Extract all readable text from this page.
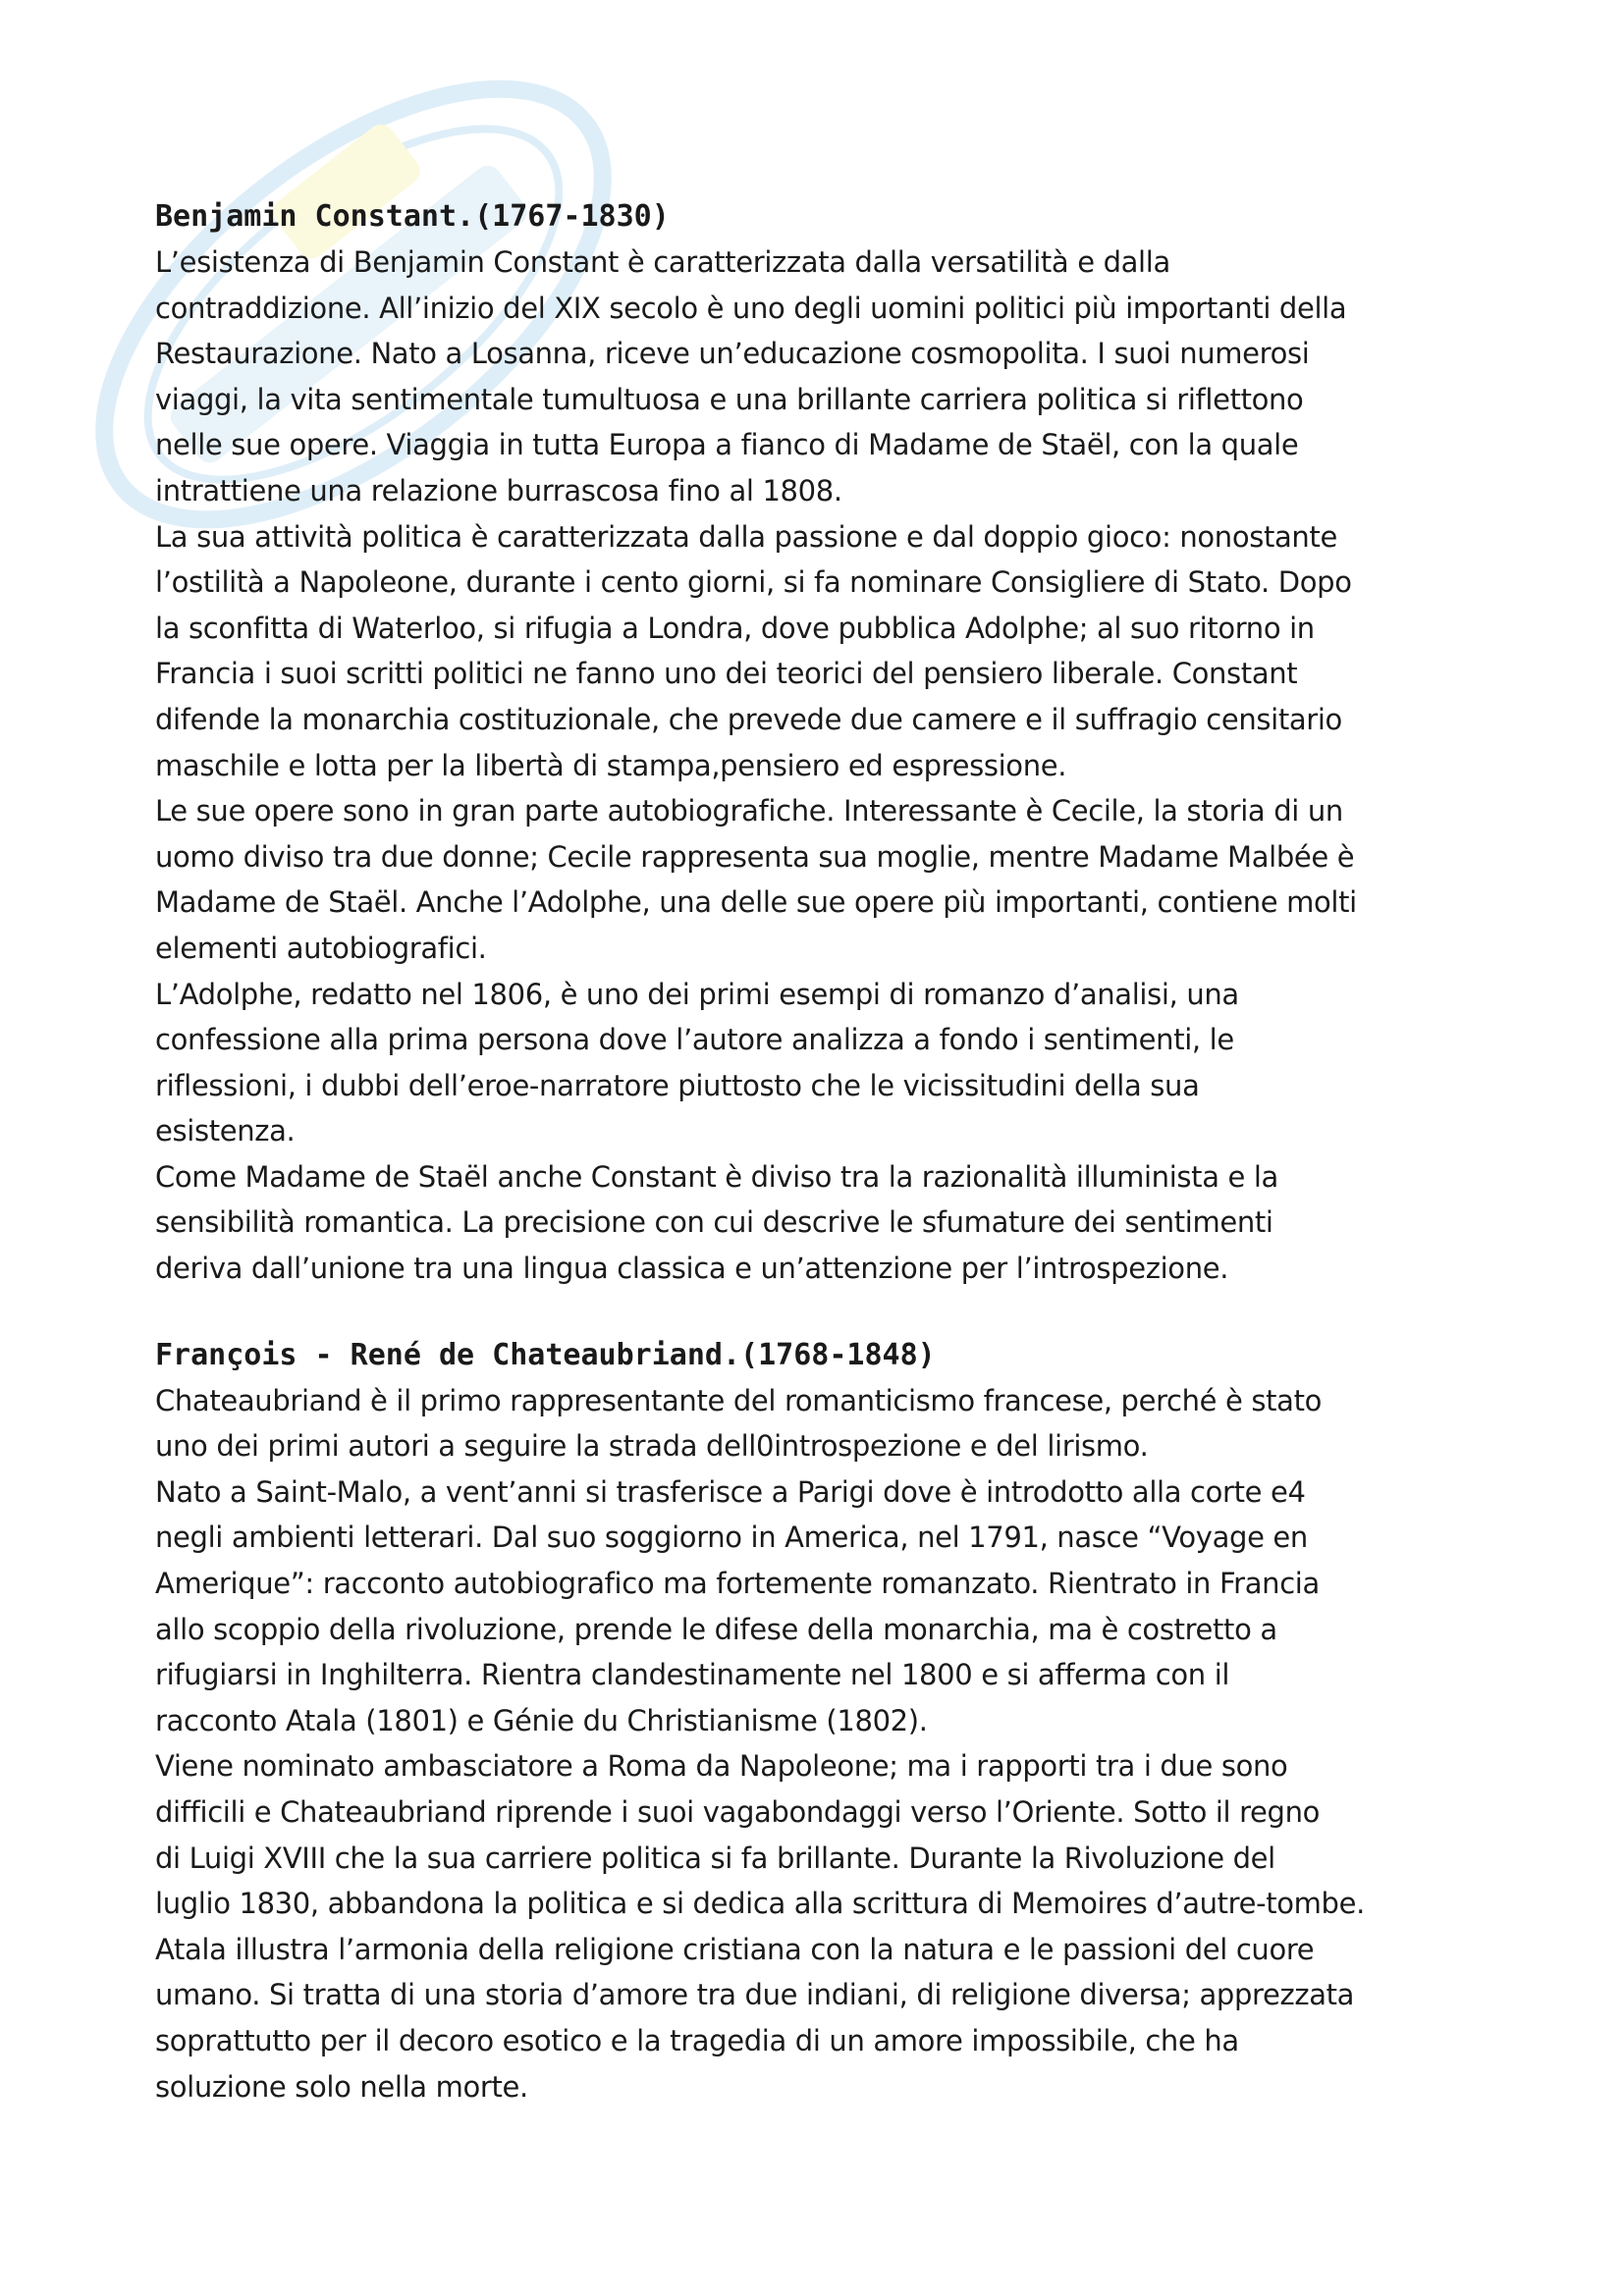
Benjamin Constant.(1767-1830)

L’esistenza di Benjamin Constant è caratterizzata dalla versatilità e dalla

contraddizione. All’inizio del XIX secolo è uno degli uomini politici più importanti della

Restaurazione. Nato a Losanna, riceve un’educazione cosmopolita. I suoi numerosi

viaggi, la vita sentimentale tumultuosa e una brillante carriera politica si riflettono

nelle sue opere. Viaggia in tutta Europa a fianco di Madame de Staël, con la quale

intrattiene una relazione burrascosa fino al 1808.

La sua attività politica è caratterizzata dalla passione e dal doppio gioco: nonostante

l’ostilità a Napoleone, durante i cento giorni, si fa nominare Consigliere di Stato. Dopo

la sconfitta di Waterloo, si rifugia a Londra, dove pubblica Adolphe; al suo ritorno in

Francia i suoi scritti politici ne fanno uno dei teorici del pensiero liberale. Constant

difende la monarchia costituzionale, che prevede due camere e il suffragio censitario

maschile e lotta per la libertà di stampa,pensiero ed espressione.

Le sue opere sono in gran parte autobiografiche. Interessante è Cecile, la storia di un

uomo diviso tra due donne; Cecile rappresenta sua moglie, mentre Madame Malbée è

Madame de Staël. Anche l’Adolphe, una delle sue opere più importanti, contiene molti

elementi autobiografici.

L’Adolphe, redatto nel 1806, è uno dei primi esempi di romanzo d’analisi, una

confessione alla prima persona dove l’autore analizza a fondo i sentimenti, le

riflessioni, i dubbi dell’eroe-narratore piuttosto che le vicissitudini della sua

esistenza.

Come Madame de Staël anche Constant è diviso tra la razionalità illuminista e la

sensibilità romantica. La precisione con cui descrive le sfumature dei sentimenti

deriva dall’unione tra una lingua classica e un’attenzione per l’introspezione.

François - René de Chateaubriand.(1768-1848)

Chateaubriand è il primo rappresentante del romanticismo francese, perché è stato

uno dei primi autori a seguire la strada dell0introspezione e del lirismo.

Nato a Saint-Malo, a vent’anni si trasferisce a Parigi dove è introdotto alla corte e4

negli ambienti letterari. Dal suo soggiorno in America, nel 1791, nasce “Voyage en

Amerique”: racconto autobiografico ma fortemente romanzato. Rientrato in Francia

allo scoppio della rivoluzione, prende le difese della monarchia, ma è costretto a

rifugiarsi in Inghilterra. Rientra clandestinamente nel 1800 e si afferma con il

racconto Atala (1801) e Génie du Christianisme (1802).

Viene nominato ambasciatore a Roma da Napoleone; ma i rapporti tra i due sono

difficili e Chateaubriand riprende i suoi vagabondaggi verso l’Oriente. Sotto il regno

di Luigi XVIII che la sua carriere politica si fa brillante. Durante la Rivoluzione del

luglio 1830, abbandona la politica e si dedica alla scrittura di Memoires d’autre-tombe.

Atala illustra l’armonia della religione cristiana con la natura e le passioni del cuore

umano. Si tratta di una storia d’amore tra due indiani, di religione diversa; apprezzata

soprattutto per il decoro esotico e la tragedia di un amore impossibile, che ha

soluzione solo nella morte.
